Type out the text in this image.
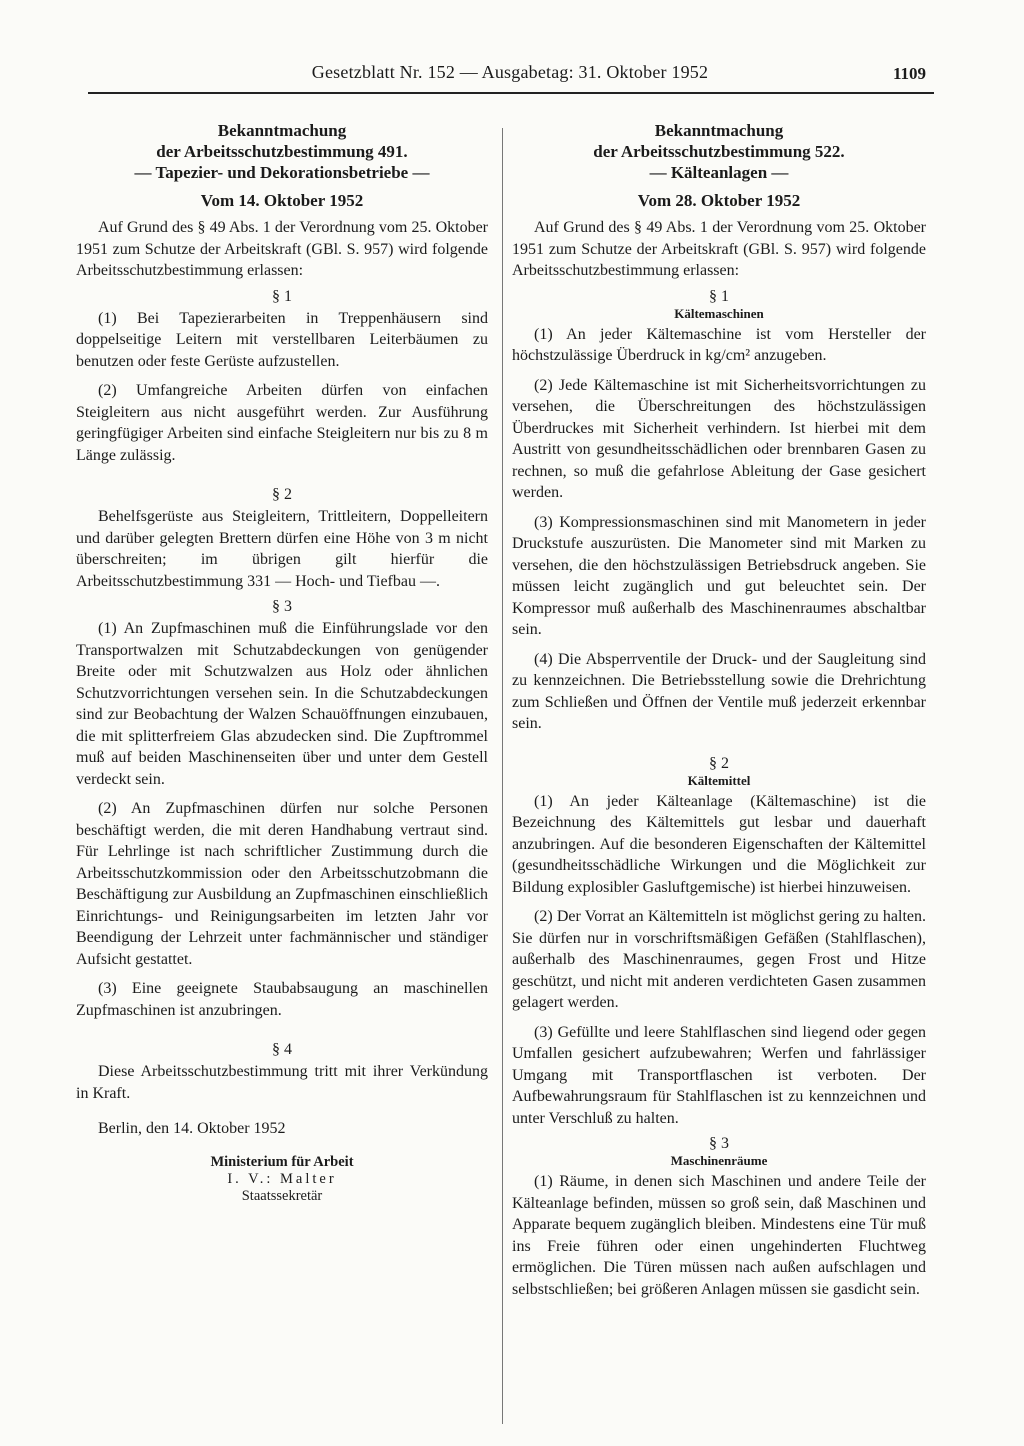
Gesetzblatt Nr. 152 — Ausgabetag: 31. Oktober 1952	1109

Bekanntmachung

der Arbeitsschutzbestimmung 491.

— Tapezier- und Dekorationsbetriebe —

Vom 14. Oktober 1952

Auf Grund des § 49 Abs. 1 der Verordnung vom 25. Oktober 1951 zum Schutze der Arbeitskraft (GBl. S. 957) wird folgende Arbeitsschutzbestimmung erlassen:

§ 1

(1) Bei Tapezierarbeiten in Treppenhäusern sind doppelseitige Leitern mit verstellbaren Leiterbäumen zu benutzen oder feste Gerüste aufzustellen.

(2) Umfangreiche Arbeiten dürfen von einfachen Steigleitern aus nicht ausgeführt werden. Zur Ausführung geringfügiger Arbeiten sind einfache Steigleitern nur bis zu 8 m Länge zulässig.

§ 2

Behelfsgerüste aus Steigleitern, Trittleitern, Doppelleitern und darüber gelegten Brettern dürfen eine Höhe von 3 m nicht überschreiten; im übrigen gilt hierfür die Arbeitsschutzbestimmung 331 — Hoch- und Tiefbau —.

§ 3

(1) An Zupfmaschinen muß die Einführungslade vor den Transportwalzen mit Schutzabdeckungen von genügender Breite oder mit Schutzwalzen aus Holz oder ähnlichen Schutzvorrichtungen versehen sein. In die Schutzabdeckungen sind zur Beobachtung der Walzen Schauöffnungen einzubauen, die mit splitterfreiem Glas abzudecken sind. Die Zupftrommel muß auf beiden Maschinenseiten über und unter dem Gestell verdeckt sein.

(2) An Zupfmaschinen dürfen nur solche Personen beschäftigt werden, die mit deren Handhabung vertraut sind. Für Lehrlinge ist nach schriftlicher Zustimmung durch die Arbeitsschutzkommission oder den Arbeitsschutzobmann die Beschäftigung zur Ausbildung an Zupfmaschinen einschließlich Einrichtungs- und Reinigungsarbeiten im letzten Jahr vor Beendigung der Lehrzeit unter fachmännischer und ständiger Aufsicht gestattet.

(3) Eine geeignete Staubabsaugung an maschinellen Zupfmaschinen ist anzubringen.

§ 4

Diese Arbeitsschutzbestimmung tritt mit ihrer Verkündung in Kraft.

Berlin, den 14. Oktober 1952

Ministerium für Arbeit

I. V.: Malter

Staatssekretär

Bekanntmachung

der Arbeitsschutzbestimmung 522.

— Kälteanlagen —

Vom 28. Oktober 1952

Auf Grund des § 49 Abs. 1 der Verordnung vom 25. Oktober 1951 zum Schutze der Arbeitskraft (GBl. S. 957) wird folgende Arbeitsschutzbestimmung erlassen:

§ 1

Kältemaschinen

(1) An jeder Kältemaschine ist vom Hersteller der höchstzulässige Überdruck in kg/cm² anzugeben.

(2) Jede Kältemaschine ist mit Sicherheitsvorrichtungen zu versehen, die Überschreitungen des höchstzulässigen Überdruckes mit Sicherheit verhindern. Ist hierbei mit dem Austritt von gesundheitsschädlichen oder brennbaren Gasen zu rechnen, so muß die gefahrlose Ableitung der Gase gesichert werden.

(3) Kompressionsmaschinen sind mit Manometern in jeder Druckstufe auszurüsten. Die Manometer sind mit Marken zu versehen, die den höchstzulässigen Betriebsdruck angeben. Sie müssen leicht zugänglich und gut beleuchtet sein. Der Kompressor muß außerhalb des Maschinenraumes abschaltbar sein.

(4) Die Absperrventile der Druck- und der Saugleitung sind zu kennzeichnen. Die Betriebsstellung sowie die Drehrichtung zum Schließen und Öffnen der Ventile muß jederzeit erkennbar sein.

§ 2

Kältemittel

(1) An jeder Kälteanlage (Kältemaschine) ist die Bezeichnung des Kältemittels gut lesbar und dauerhaft anzubringen. Auf die besonderen Eigenschaften der Kältemittel (gesundheitsschädliche Wirkungen und die Möglichkeit zur Bildung explosibler Gasluftgemische) ist hierbei hinzuweisen.

(2) Der Vorrat an Kältemitteln ist möglichst gering zu halten. Sie dürfen nur in vorschriftsmäßigen Gefäßen (Stahlflaschen), außerhalb des Maschinenraumes, gegen Frost und Hitze geschützt, und nicht mit anderen verdichteten Gasen zusammen gelagert werden.

(3) Gefüllte und leere Stahlflaschen sind liegend oder gegen Umfallen gesichert aufzubewahren; Werfen und fahrlässiger Umgang mit Transportflaschen ist verboten. Der Aufbewahrungsraum für Stahlflaschen ist zu kennzeichnen und unter Verschluß zu halten.

§ 3

Maschinenräume

(1) Räume, in denen sich Maschinen und andere Teile der Kälteanlage befinden, müssen so groß sein, daß Maschinen und Apparate bequem zugänglich bleiben. Mindestens eine Tür muß ins Freie führen oder einen ungehinderten Fluchtweg ermöglichen. Die Türen müssen nach außen aufschlagen und selbstschließen; bei größeren Anlagen müssen sie gasdicht sein.
